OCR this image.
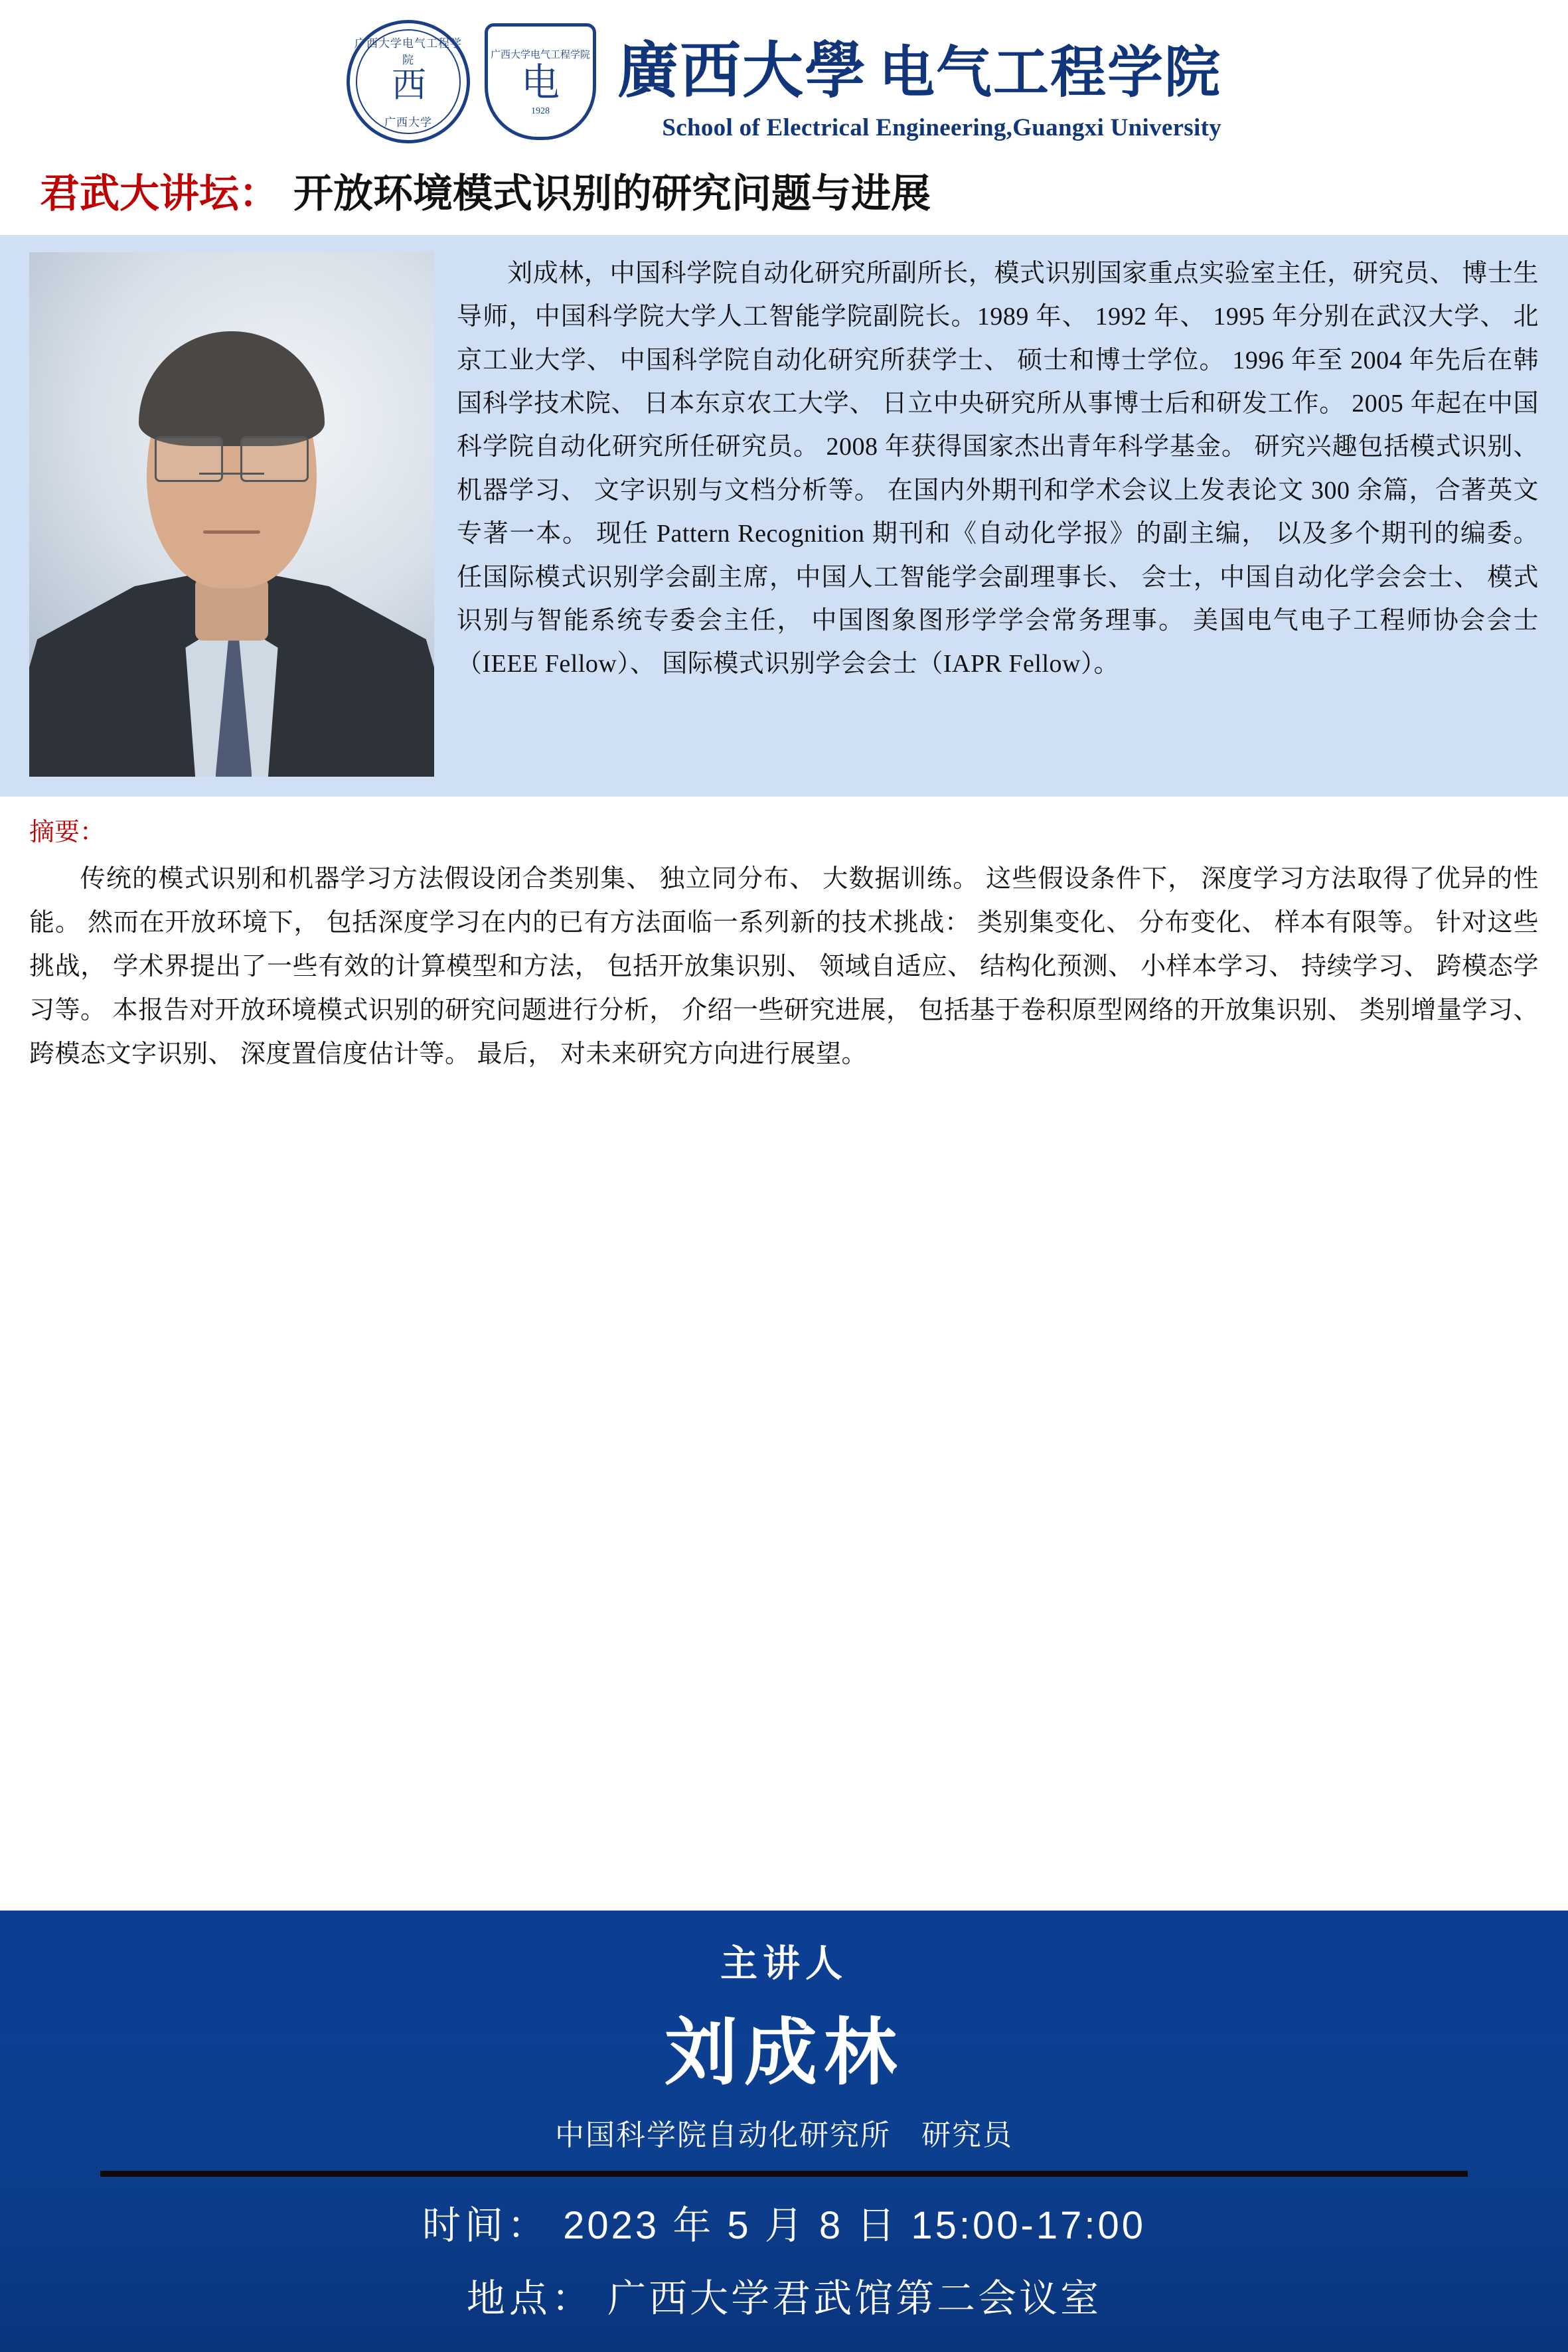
广西大学电气工程学院
西
广西大学
广西大学电气工程学院
电
1928
廣西大學 电气工程学院
School of Electrical Engineering,Guangxi University
君武大讲坛： 开放环境模式识别的研究问题与进展
刘成林，中国科学院自动化研究所副所长，模式识别国家重点实验室主任，研究员、 博士生导师，中国科学院大学人工智能学院副院长。1989 年、 1992 年、 1995 年分别在武汉大学、 北京工业大学、 中国科学院自动化研究所获学士、 硕士和博士学位。 1996 年至 2004 年先后在韩国科学技术院、 日本东京农工大学、 日立中央研究所从事博士后和研发工作。 2005 年起在中国科学院自动化研究所任研究员。 2008 年获得国家杰出青年科学基金。 研究兴趣包括模式识别、 机器学习、 文字识别与文档分析等。 在国内外期刊和学术会议上发表论文 300 余篇，合著英文专著一本。 现任 Pattern Recognition 期刊和《自动化学报》的副主编， 以及多个期刊的编委。 任国际模式识别学会副主席，中国人工智能学会副理事长、 会士，中国自动化学会会士、 模式识别与智能系统专委会主任， 中国图象图形学学会常务理事。 美国电气电子工程师协会会士（IEEE Fellow）、 国际模式识别学会会士（IAPR Fellow）。
摘要：
传统的模式识别和机器学习方法假设闭合类别集、 独立同分布、 大数据训练。 这些假设条件下， 深度学习方法取得了优异的性能。 然而在开放环境下， 包括深度学习在内的已有方法面临一系列新的技术挑战： 类别集变化、 分布变化、 样本有限等。 针对这些挑战， 学术界提出了一些有效的计算模型和方法， 包括开放集识别、 领域自适应、 结构化预测、 小样本学习、 持续学习、 跨模态学习等。 本报告对开放环境模式识别的研究问题进行分析， 介绍一些研究进展， 包括基于卷积原型网络的开放集识别、 类别增量学习、 跨模态文字识别、 深度置信度估计等。 最后， 对未来研究方向进行展望。
主讲人
刘成林
中国科学院自动化研究所　研究员
时间： 2023 年 5 月 8 日 15:00-17:00
地点： 广西大学君武馆第二会议室
